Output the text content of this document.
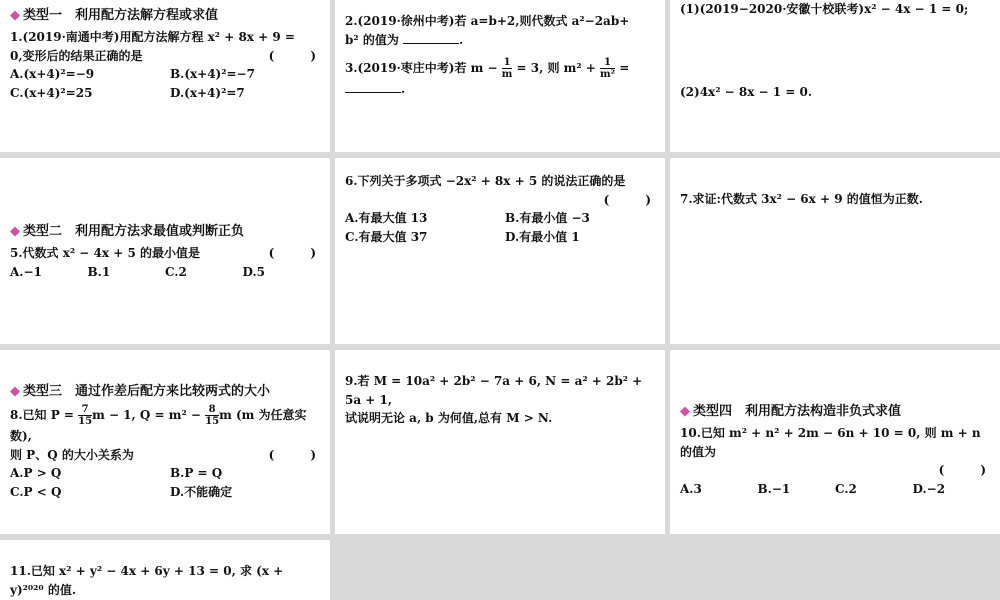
◆ 类型一　利用配方法解方程或求值

1.(2019·南通中考)用配方法解方程 x² + 8x + 9 =

0,变形后的结果正确的是	(　　)

A.(x+4)²=−9	B.(x+4)²=−7
C.(x+4)²=25	D.(x+4)²=7

2.(2019·徐州中考)若 a=b+2,则代数式 a²−2ab+

b² 的值为	.

3.(2019·枣庄中考)若 $m - \frac{1}{m} = 3$, 则 $m^2 + \frac{1}{\text{m²}}$ =

.

(1)(2019−2020·安徽十校联考)x² − 4x − 1 = 0;

(2)4x² − 8x − 1 = 0.

◆ 类型二　利用配方法求最值或判断正负

5.代数式 x² − 4x + 5 的最小值是	(　　)

A.−1	B.1	C.2	D.5

6.下列关于多项式 −2x² + 8x + 5 的说法正确的是

(　　)

A.有最大值 13	B.有最小值 −3
C.有最大值 37	D.有最小值 1

7.求证:代数式 3x² − 6x + 9 的值恒为正数.

◆ 类型三　通过作差后配方来比较两式的大小

8.已知 $P = \frac{7}{15}$ m − 1, $Q = m^2 - \frac{8}{15}$ m (m 为任意实数),

则 P、Q 的大小关系为	(　　)

A.P > Q	B.P = Q
C.P < Q	D.不能确定

9.若 M = 10a² + 2b² − 7a + 6, N = a² + 2b² + 5a + 1,

试说明无论 a, b 为何值,总有 M > N.	◆ 类型四　利用配方法构造非负式求值

10.已知 m² + n² + 2m − 6n + 10 = 0, 则 m + n 的值为

(　　)

A.3	B.−1	C.2	D.−2

11.已知 x² + y² − 4x + 6y + 13 = 0, 求 (x + y)²⁰²⁰ 的值.
